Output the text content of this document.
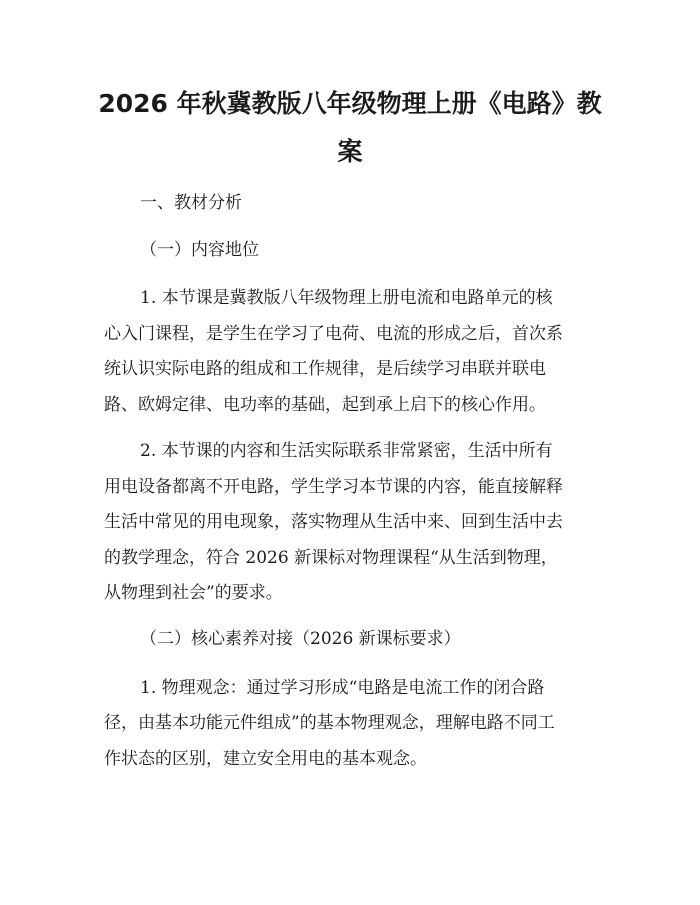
2026 年秋冀教版八年级物理上册《电路》教
案

一、教材分析

（一）内容地位

1. 本节课是冀教版八年级物理上册电流和电路单元的核

心入门课程，是学生在学习了电荷、电流的形成之后，首次系

统认识实际电路的组成和工作规律，是后续学习串联并联电

路、欧姆定律、电功率的基础，起到承上启下的核心作用。

2. 本节课的内容和生活实际联系非常紧密，生活中所有

用电设备都离不开电路，学生学习本节课的内容，能直接解释

生活中常见的用电现象，落实物理从生活中来、回到生活中去

的教学理念，符合 2026 新课标对物理课程“从生活到物理，

从物理到社会”的要求。

（二）核心素养对接（2026 新课标要求）

1. 物理观念：通过学习形成“电路是电流工作的闭合路

径，由基本功能元件组成”的基本物理观念，理解电路不同工

作状态的区别，建立安全用电的基本观念。
